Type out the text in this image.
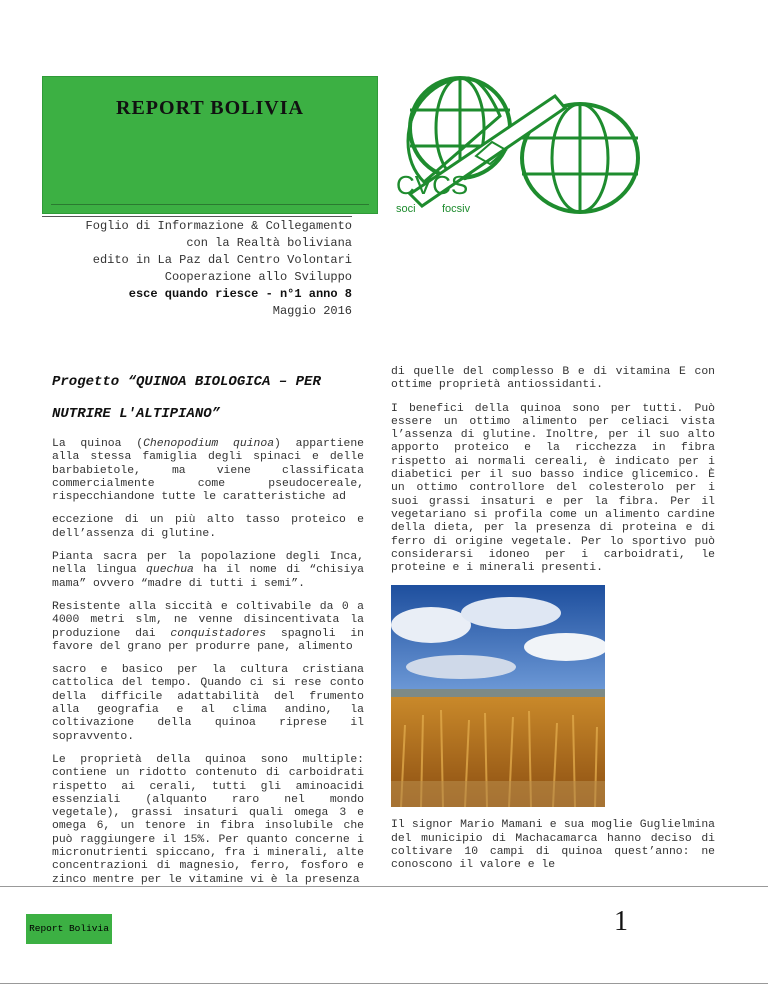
REPORT BOLIVIA
CVCS
soci focsiv
Foglio di Informazione & Collegamento
con la Realtà boliviana
edito in La Paz dal Centro Volontari
Cooperazione allo Sviluppo
esce quando riesce - n°1 anno 8
Maggio 2016
Progetto “QUINOA BIOLOGICA – PER
NUTRIRE L'ALTIPIANO”

La quinoa (Chenopodium quinoa) appartiene alla stessa famiglia degli spinaci e delle barbabietole, ma viene classificata commercialmente come pseudocereale, rispecchiandone tutte le caratteristiche ad

eccezione di un più alto tasso proteico e dell’assenza di glutine.

Pianta sacra per la popolazione degli Inca, nella lingua quechua ha il nome di “chisiya mama” ovvero “madre di tutti i semi”.

Resistente alla siccità e coltivabile da 0 a 4000 metri slm, ne venne disincentivata la produzione dai conquistadores spagnoli in favore del grano per produrre pane, alimento

sacro e basico per la cultura cristiana cattolica del tempo. Quando ci si rese conto della difficile adattabilità del frumento alla geografia e al clima andino, la coltivazione della quinoa riprese il sopravvento.

Le proprietà della quinoa sono multiple: contiene un ridotto contenuto di carboidrati rispetto ai cerali, tutti gli aminoacidi essenziali (alquanto raro nel mondo vegetale), grassi insaturi quali omega 3 e omega 6, un tenore in fibra insolubile che può raggiungere il 15%. Per quanto concerne i micronutrienti spiccano, fra i minerali, alte concentrazioni di magnesio, ferro, fosforo e zinco mentre per le vitamine vi è la presenza

di quelle del complesso B e di vitamina E con ottime proprietà antiossidanti.

I benefici della quinoa sono per tutti. Può essere un ottimo alimento per celiaci vista l’assenza di glutine. Inoltre, per il suo alto apporto proteico e la ricchezza in fibra rispetto ai normali cereali, è indicato per i diabetici per il suo basso indice glicemico. È un ottimo controllore del colesterolo per i suoi grassi insaturi e per la fibra. Per il vegetariano si profila come un alimento cardine della dieta, per la presenza di proteina e di ferro di origine vegetale. Per lo sportivo può considerarsi idoneo per i carboidrati, le proteine e i minerali presenti.

Il signor Mario Mamani e sua moglie Guglielmina del municipio di Machacamarca hanno deciso di coltivare 10 campi di quinoa quest’anno: ne conoscono il valore e le

Report Bolivia	1
